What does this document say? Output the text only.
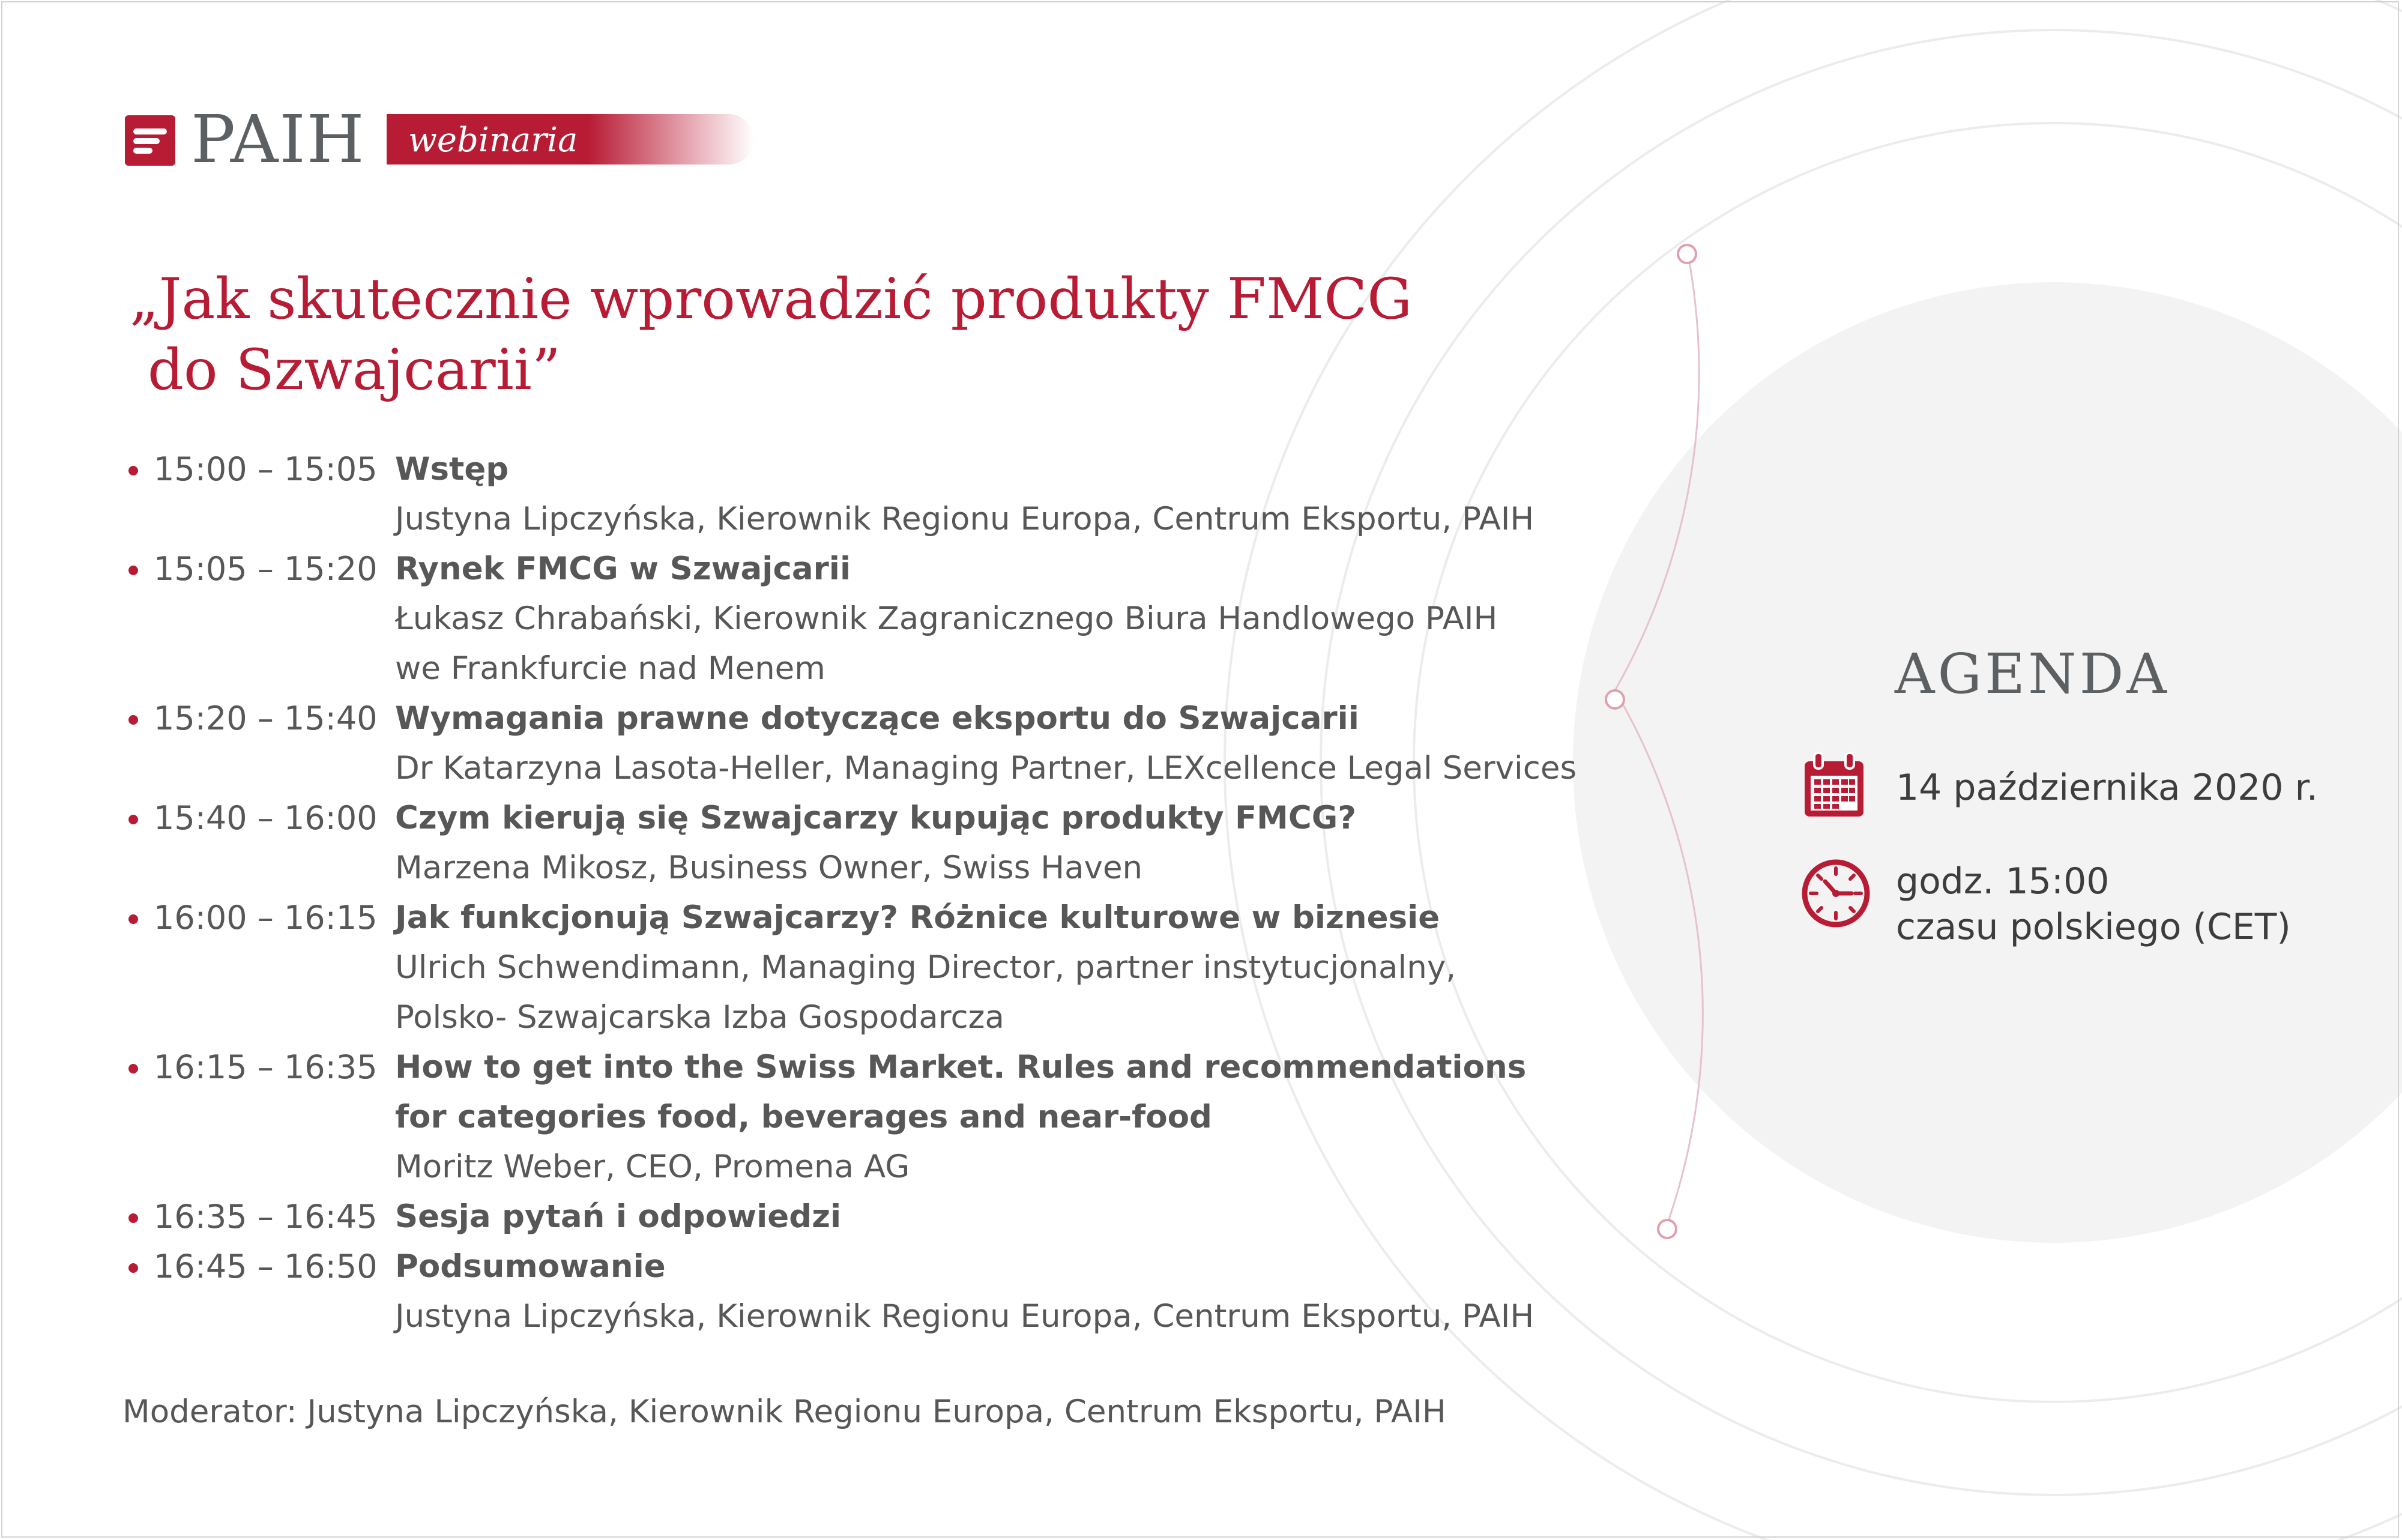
PAIH webinaria
„Jak skutecznie wprowadzić produkty FMCG
do Szwajcarii”
15:00 – 15:05 Wstęp
Justyna Lipczyńska, Kierownik Regionu Europa, Centrum Eksportu, PAIH
15:05 – 15:20 Rynek FMCG w Szwajcarii
Łukasz Chrabański, Kierownik Zagranicznego Biura Handlowego PAIH
we Frankfurcie nad Menem
15:20 – 15:40 Wymagania prawne dotyczące eksportu do Szwajcarii
Dr Katarzyna Lasota-Heller, Managing Partner, LEXcellence Legal Services
15:40 – 16:00 Czym kierują się Szwajcarzy kupując produkty FMCG?
Marzena Mikosz, Business Owner, Swiss Haven
16:00 – 16:15 Jak funkcjonują Szwajcarzy? Różnice kulturowe w biznesie
Ulrich Schwendimann, Managing Director, partner instytucjonalny,
Polsko- Szwajcarska Izba Gospodarcza
16:15 – 16:35 How to get into the Swiss Market. Rules and recommendations
for categories food, beverages and near-food
Moritz Weber, CEO, Promena AG
16:35 – 16:45 Sesja pytań i odpowiedzi
16:45 – 16:50 Podsumowanie
Justyna Lipczyńska, Kierownik Regionu Europa, Centrum Eksportu, PAIH
Moderator: Justyna Lipczyńska, Kierownik Regionu Europa, Centrum Eksportu, PAIH
AGENDA
14 października 2020 r.
godz. 15:00
czasu polskiego (CET)
